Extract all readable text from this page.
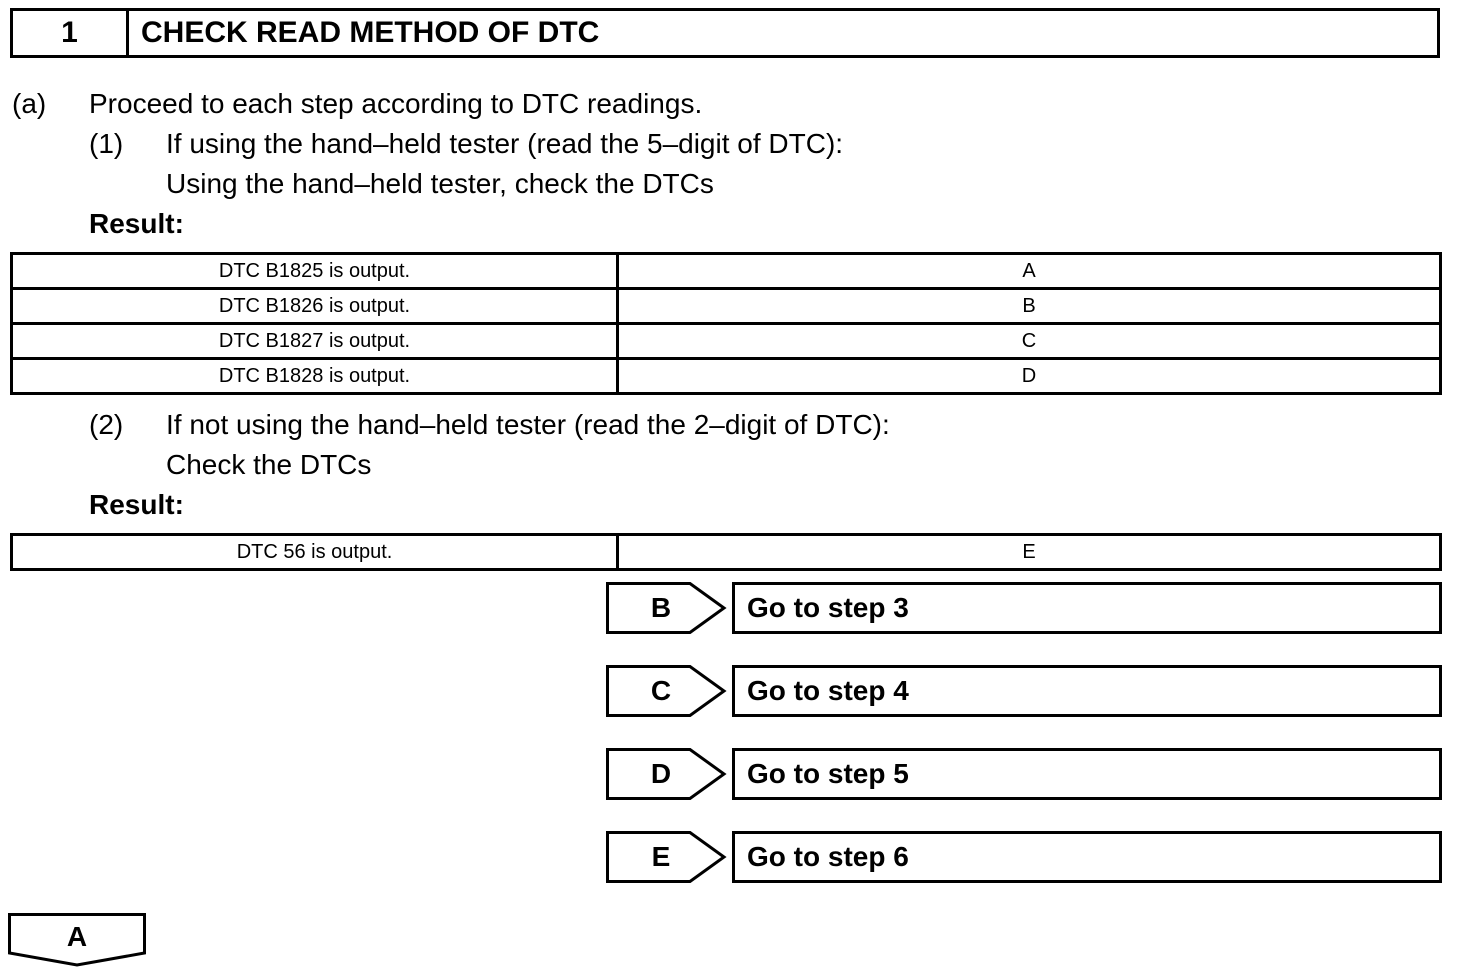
1	CHECK READ METHOD OF DTC
(a) Proceed to each step according to DTC readings.
(1) If using the hand–held tester (read the 5–digit of DTC):
Using the hand–held tester, check the DTCs
Result:
DTC B1825 is output.	A
DTC B1826 is output.	B
DTC B1827 is output.	C
DTC B1828 is output.	D
(2) If not using the hand–held tester (read the 2–digit of DTC):
Check the DTCs
Result:
DTC 56 is output.	E
B	Go to step 3
C	Go to step 4
D	Go to step 5
E	Go to step 6
A
